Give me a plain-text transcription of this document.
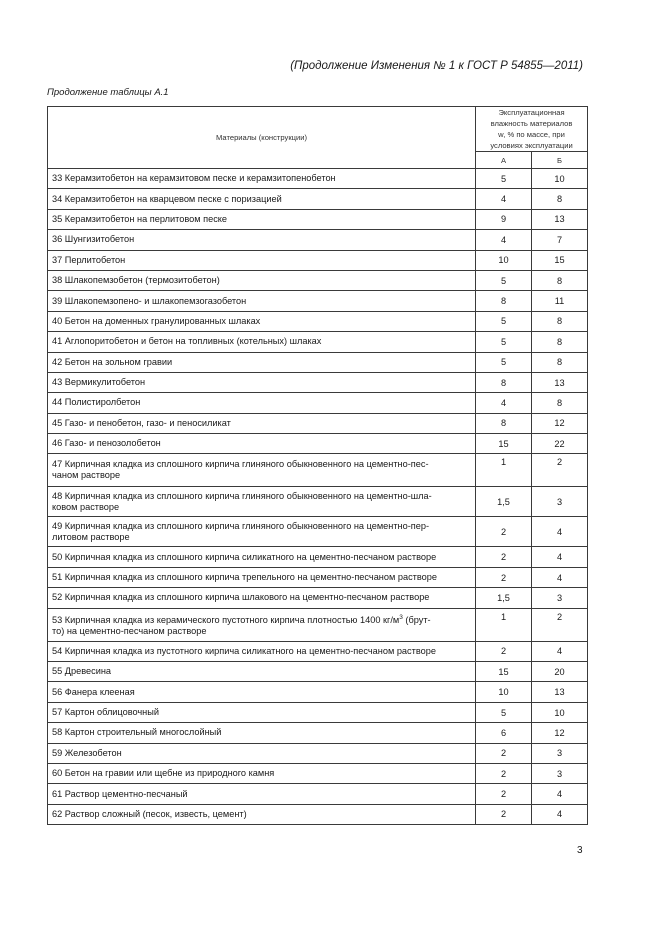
(Продолжение Изменения № 1 к ГОСТ Р 54855—2011)
Продолжение таблицы А.1
Материалы (конструкции)	Эксплуатационная
влажность материалов
w, % по массе, при
условиях эксплуатации	
	А	Б
33 Керамзитобетон на керамзитовом песке и керамзитопенобетон	5	10
34 Керамзитобетон на кварцевом песке с поризацией	4	8
35 Керамзитобетон на перлитовом песке	9	13
36 Шунгизитобетон	4	7
37 Перлитобетон	10	15
38 Шлакопемзобетон (термозитобетон)	5	8
39 Шлакопемзопено- и шлакопемзогазобетон	8	11
40 Бетон на доменных гранулированных шлаках	5	8
41 Аглопоритобетон и бетон на топливных (котельных) шлаках	5	8
42 Бетон на зольном гравии	5	8
43 Вермикулитобетон	8	13
44 Полистиролбетон	4	8
45 Газо- и пенобетон, газо- и пеносиликат	8	12
46 Газо- и пенозолобетон	15	22
47 Кирпичная кладка из сплошного кирпича глиняного обыкновенного на цементно-пес-
чаном растворе	1	2
48 Кирпичная кладка из сплошного кирпича глиняного обыкновенного на цементно-шла-
ковом растворе	1,5	3
49 Кирпичная кладка из сплошного кирпича глиняного обыкновенного на цементно-пер-
литовом растворе	2	4
50 Кирпичная кладка из сплошного кирпича силикатного на цементно-песчаном растворе	2	4
51 Кирпичная кладка из сплошного кирпича трепельного на цементно-песчаном растворе	2	4
52 Кирпичная кладка из сплошного кирпича шлакового на цементно-песчаном растворе	1,5	3
53 Кирпичная кладка из керамического пустотного кирпича плотностью 1400 $кг/м^3$ (брут-
то) на цементно-песчаном растворе	1	2
54 Кирпичная кладка из пустотного кирпича силикатного на цементно-песчаном растворе	2	4
55 Древесина	15	20
56 Фанера клееная	10	13
57 Картон облицовочный	5	10
58 Картон строительный многослойный	6	12
59 Железобетон	2	3
60 Бетон на гравии или щебне из природного камня	2	3
61 Раствор цементно-песчаный	2	4
62 Раствор сложный (песок, известь, цемент)	2	4
3
